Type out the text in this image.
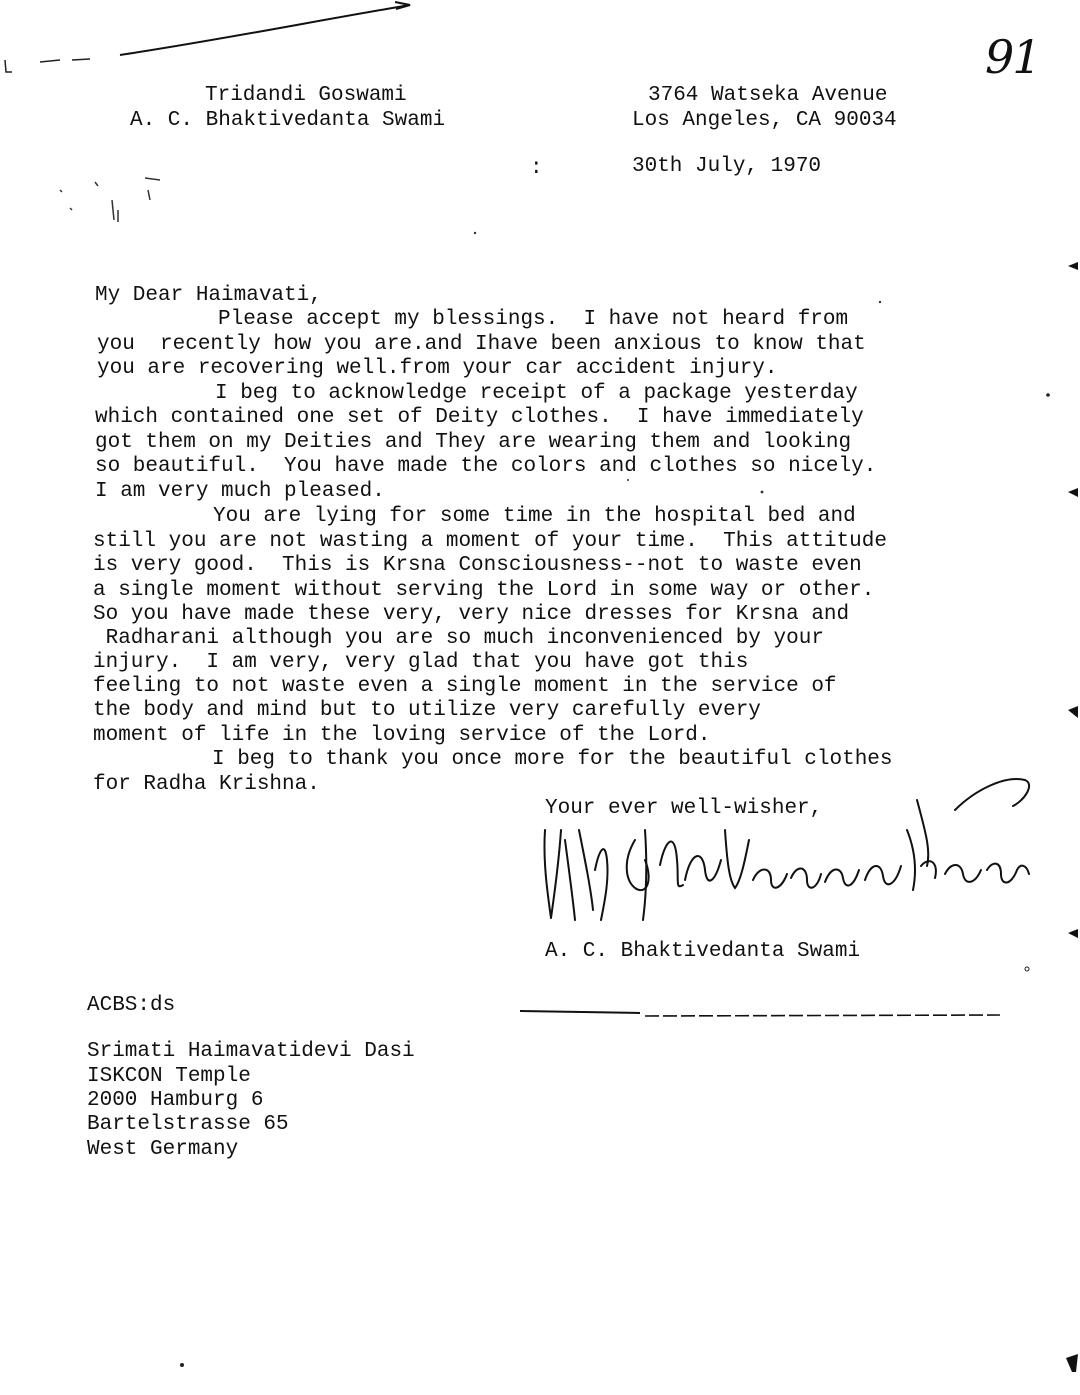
91
Tridandi Goswami
A. C. Bhaktivedanta Swami
3764 Watseka Avenue
Los Angeles, CA 90034
:	30th July, 1970
My Dear Haimavati,
Please accept my blessings.  I have not heard from
you  recently how you are.and Ihave been anxious to know that
you are recovering well.from your car accident injury.
I beg to acknowledge receipt of a package yesterday
which contained one set of Deity clothes.  I have immediately
got them on my Deities and They are wearing them and looking
so beautiful.  You have made the colors and clothes so nicely.
I am very much pleased.
You are lying for some time in the hospital bed and
still you are not wasting a moment of your time.  This attitude
is very good.  This is Krsna Consciousness--not to waste even
a single moment without serving the Lord in some way or other.
So you have made these very, very nice dresses for Krsna and
Radharani although you are so much inconvenienced by your
injury.  I am very, very glad that you have got this
feeling to not waste even a single moment in the service of
the body and mind but to utilize very carefully every
moment of life in the loving service of the Lord.
I beg to thank you once more for the beautiful clothes
for Radha Krishna.
Your ever well-wisher,
A. C. Bhaktivedanta Swami
ACBS:ds
Srimati Haimavatidevi Dasi
ISKCON Temple
2000 Hamburg 6
Bartelstrasse 65
West Germany
